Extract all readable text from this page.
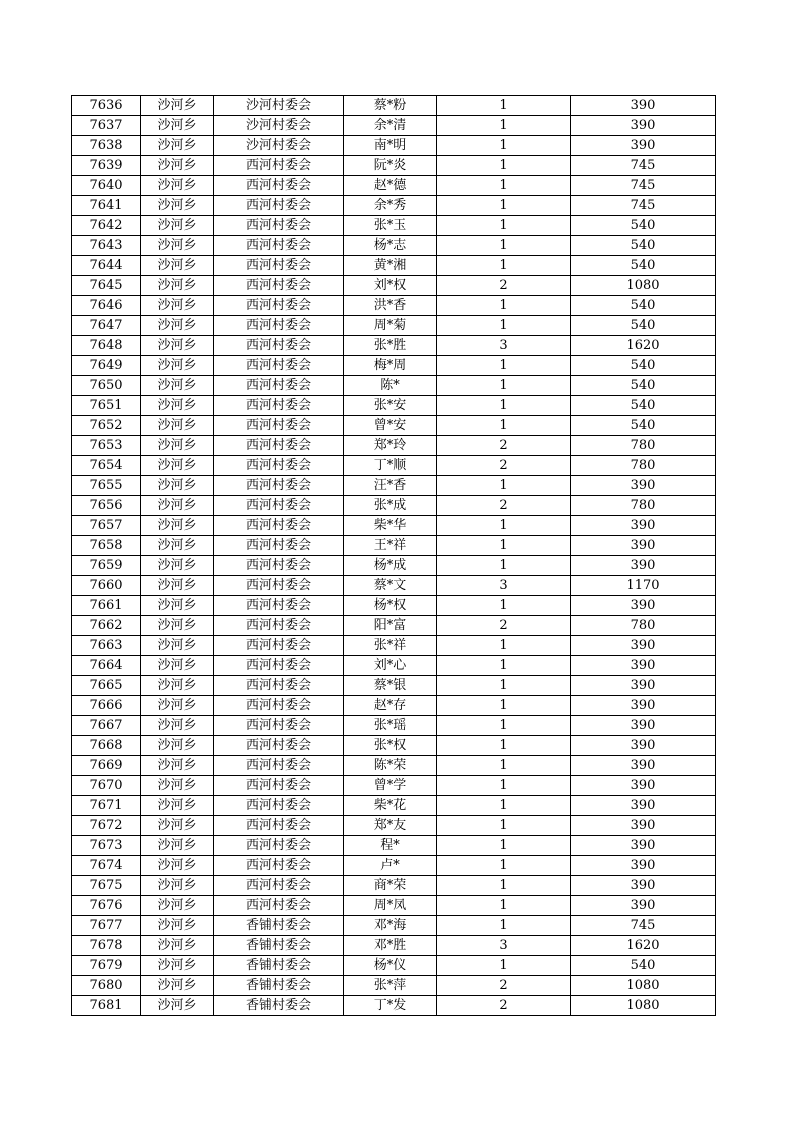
7636	沙河乡	沙河村委会	蔡*粉	1	390
7637	沙河乡	沙河村委会	余*清	1	390
7638	沙河乡	沙河村委会	南*明	1	390
7639	沙河乡	西河村委会	阮*炎	1	745
7640	沙河乡	西河村委会	赵*德	1	745
7641	沙河乡	西河村委会	余*秀	1	745
7642	沙河乡	西河村委会	张*玉	1	540
7643	沙河乡	西河村委会	杨*志	1	540
7644	沙河乡	西河村委会	黄*湘	1	540
7645	沙河乡	西河村委会	刘*权	2	1080
7646	沙河乡	西河村委会	洪*香	1	540
7647	沙河乡	西河村委会	周*菊	1	540
7648	沙河乡	西河村委会	张*胜	3	1620
7649	沙河乡	西河村委会	梅*周	1	540
7650	沙河乡	西河村委会	陈*	1	540
7651	沙河乡	西河村委会	张*安	1	540
7652	沙河乡	西河村委会	曾*安	1	540
7653	沙河乡	西河村委会	郑*玲	2	780
7654	沙河乡	西河村委会	丁*顺	2	780
7655	沙河乡	西河村委会	汪*香	1	390
7656	沙河乡	西河村委会	张*成	2	780
7657	沙河乡	西河村委会	柴*华	1	390
7658	沙河乡	西河村委会	王*祥	1	390
7659	沙河乡	西河村委会	杨*成	1	390
7660	沙河乡	西河村委会	蔡*文	3	1170
7661	沙河乡	西河村委会	杨*权	1	390
7662	沙河乡	西河村委会	阳*富	2	780
7663	沙河乡	西河村委会	张*祥	1	390
7664	沙河乡	西河村委会	刘*心	1	390
7665	沙河乡	西河村委会	蔡*银	1	390
7666	沙河乡	西河村委会	赵*存	1	390
7667	沙河乡	西河村委会	张*瑶	1	390
7668	沙河乡	西河村委会	张*权	1	390
7669	沙河乡	西河村委会	陈*荣	1	390
7670	沙河乡	西河村委会	曾*学	1	390
7671	沙河乡	西河村委会	柴*花	1	390
7672	沙河乡	西河村委会	郑*友	1	390
7673	沙河乡	西河村委会	程*	1	390
7674	沙河乡	西河村委会	卢*	1	390
7675	沙河乡	西河村委会	商*荣	1	390
7676	沙河乡	西河村委会	周*凤	1	390
7677	沙河乡	香铺村委会	邓*海	1	745
7678	沙河乡	香铺村委会	邓*胜	3	1620
7679	沙河乡	香铺村委会	杨*仪	1	540
7680	沙河乡	香铺村委会	张*萍	2	1080
7681	沙河乡	香铺村委会	丁*发	2	1080
